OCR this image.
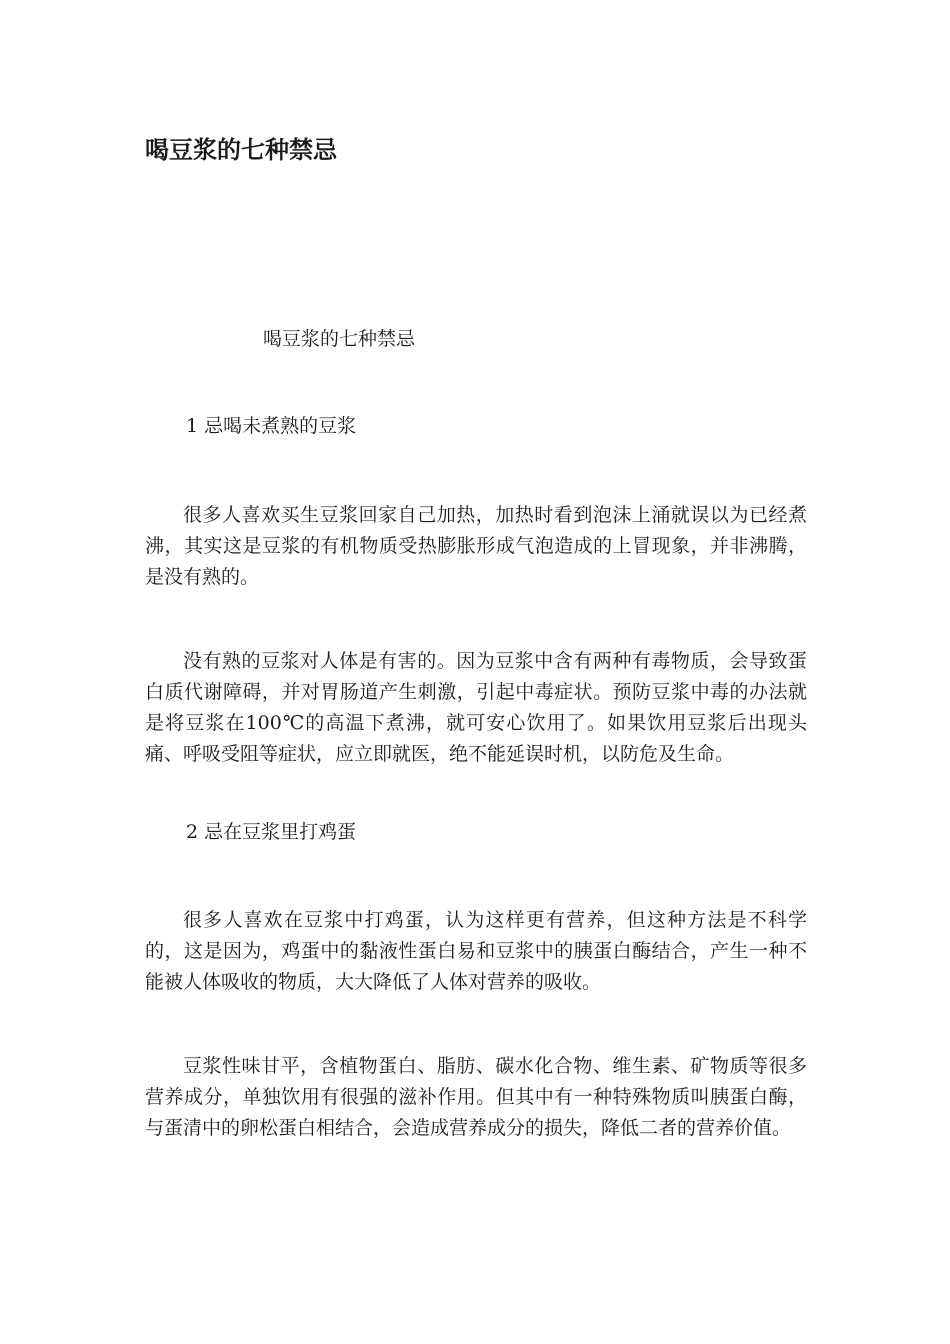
喝豆浆的七种禁忌
喝豆浆的七种禁忌
1 忌喝未煮熟的豆浆

很多人喜欢买生豆浆回家自己加热，加热时看到泡沫上涌就误以为已经煮沸，其实这是豆浆的有机物质受热膨胀形成气泡造成的上冒现象，并非沸腾，是没有熟的。

没有熟的豆浆对人体是有害的。因为豆浆中含有两种有毒物质，会导致蛋白质代谢障碍，并对胃肠道产生刺激，引起中毒症状。预防豆浆中毒的办法就是将豆浆在100℃的高温下煮沸，就可安心饮用了。如果饮用豆浆后出现头痛、呼吸受阻等症状，应立即就医，绝不能延误时机，以防危及生命。

2 忌在豆浆里打鸡蛋

很多人喜欢在豆浆中打鸡蛋，认为这样更有营养，但这种方法是不科学的，这是因为，鸡蛋中的黏液性蛋白易和豆浆中的胰蛋白酶结合，产生一种不能被人体吸收的物质，大大降低了人体对营养的吸收。

豆浆性味甘平，含植物蛋白、脂肪、碳水化合物、维生素、矿物质等很多营养成分，单独饮用有很强的滋补作用。但其中有一种特殊物质叫胰蛋白酶，与蛋清中的卵松蛋白相结合，会造成营养成分的损失，降低二者的营养价值。
